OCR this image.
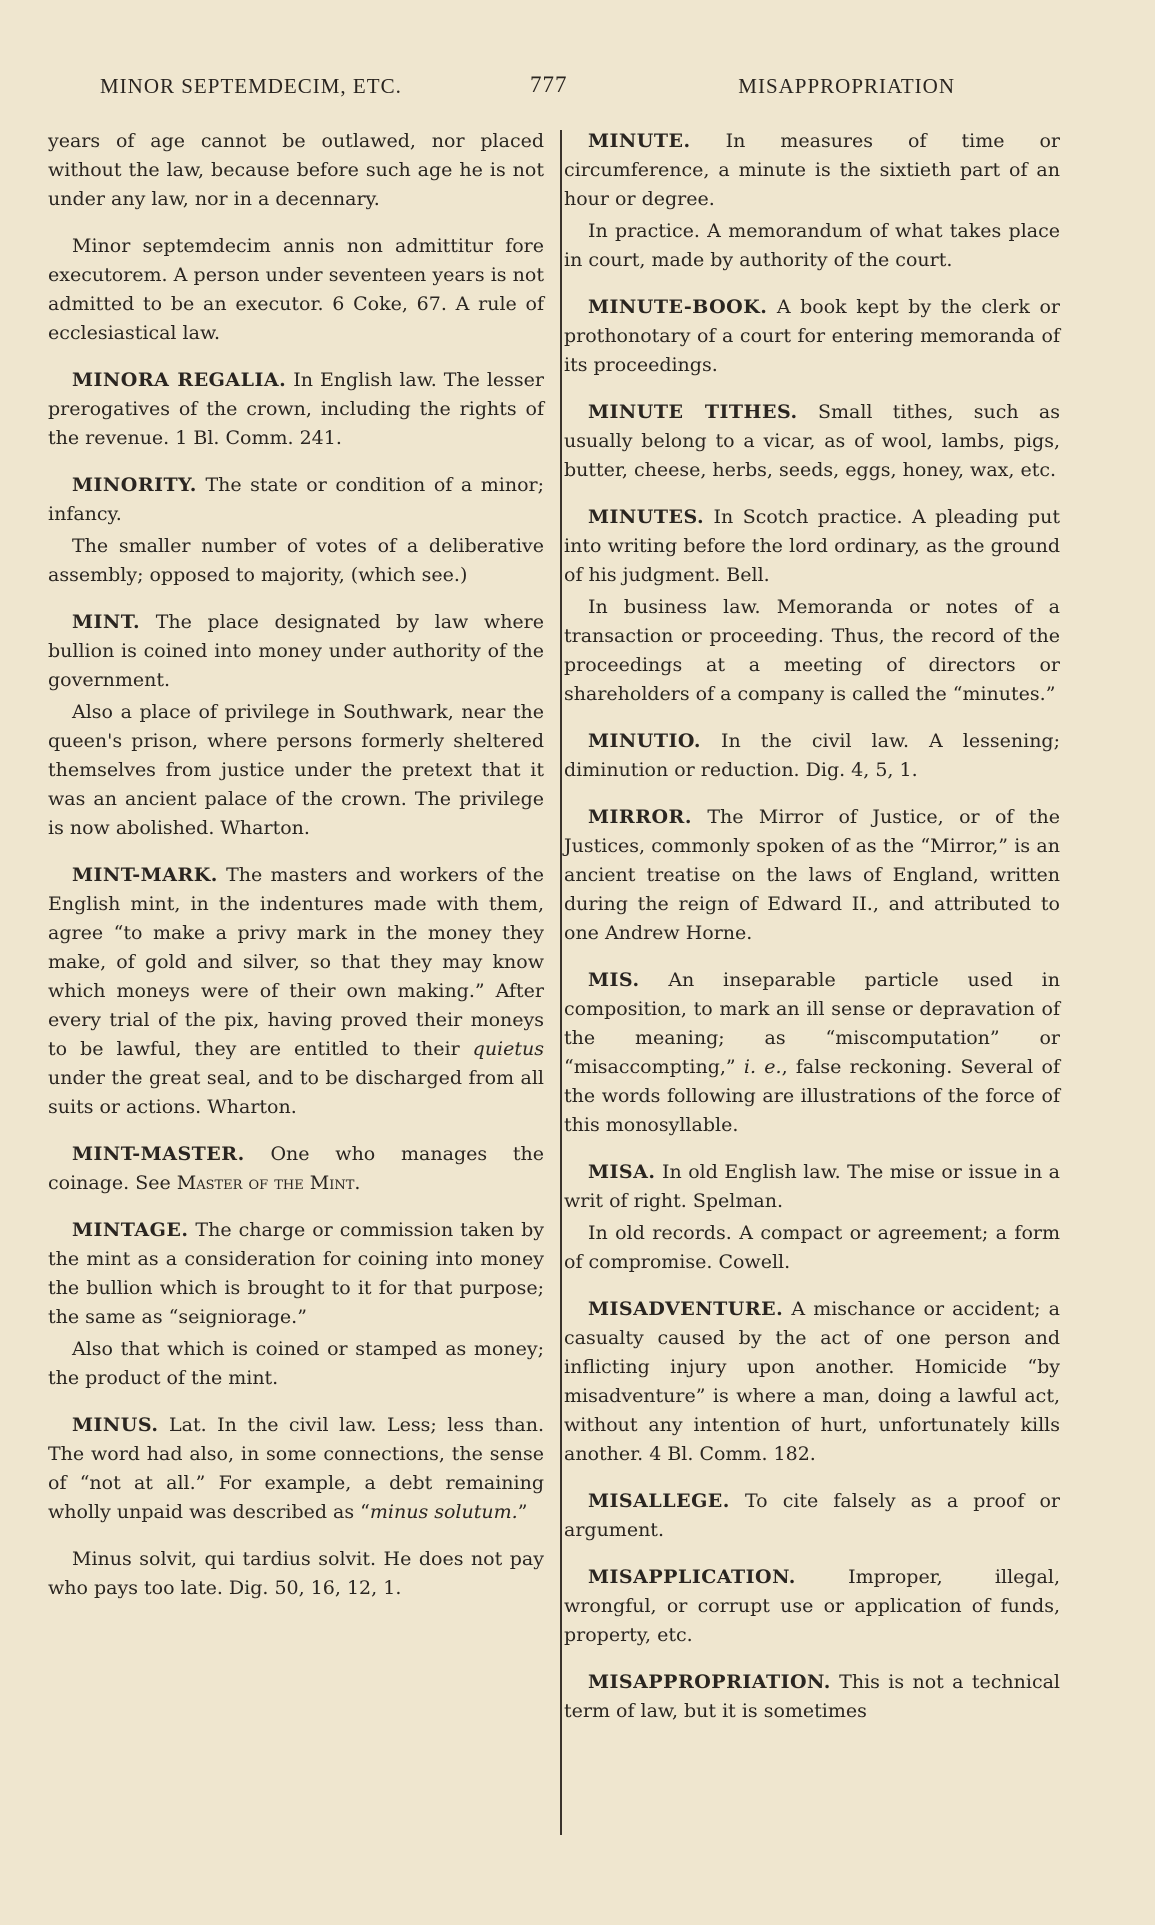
MINOR SEPTEMDECIM, ETC.	777	MISAPPROPRIATION

years of age cannot be outlawed, nor placed without the law, because before such age he is not under any law, nor in a decennary.

Minor septemdecim annis non admittitur fore executorem. A person under seventeen years is not admitted to be an executor. 6 Coke, 67. A rule of ecclesiastical law.

MINORA REGALIA. In English law. The lesser prerogatives of the crown, including the rights of the revenue. 1 Bl. Comm. 241.

MINORITY. The state or condition of a minor; infancy.

The smaller number of votes of a deliberative assembly; opposed to majority, (which see.)

MINT. The place designated by law where bullion is coined into money under authority of the government.

Also a place of privilege in Southwark, near the queen's prison, where persons formerly sheltered themselves from justice under the pretext that it was an ancient palace of the crown. The privilege is now abolished. Wharton.

MINT-MARK. The masters and workers of the English mint, in the indentures made with them, agree “to make a privy mark in the money they make, of gold and silver, so that they may know which moneys were of their own making.” After every trial of the pix, having proved their moneys to be lawful, they are entitled to their quietus under the great seal, and to be discharged from all suits or actions. Wharton.

MINT-MASTER. One who manages the coinage. See Master of the Mint.

MINTAGE. The charge or commission taken by the mint as a consideration for coining into money the bullion which is brought to it for that purpose; the same as “seigniorage.”

Also that which is coined or stamped as money; the product of the mint.

MINUS. Lat. In the civil law. Less; less than. The word had also, in some connections, the sense of “not at all.” For example, a debt remaining wholly unpaid was described as “minus solutum.”

Minus solvit, qui tardius solvit. He does not pay who pays too late. Dig. 50, 16, 12, 1.

MINUTE. In measures of time or circumference, a minute is the sixtieth part of an hour or degree.

In practice. A memorandum of what takes place in court, made by authority of the court.

MINUTE-BOOK. A book kept by the clerk or prothonotary of a court for entering memoranda of its proceedings.

MINUTE TITHES. Small tithes, such as usually belong to a vicar, as of wool, lambs, pigs, butter, cheese, herbs, seeds, eggs, honey, wax, etc.

MINUTES. In Scotch practice. A pleading put into writing before the lord ordinary, as the ground of his judgment. Bell.

In business law. Memoranda or notes of a transaction or proceeding. Thus, the record of the proceedings at a meeting of directors or shareholders of a company is called the “minutes.”

MINUTIO. In the civil law. A lessening; diminution or reduction. Dig. 4, 5, 1.

MIRROR. The Mirror of Justice, or of the Justices, commonly spoken of as the “Mirror,” is an ancient treatise on the laws of England, written during the reign of Edward II., and attributed to one Andrew Horne.

MIS. An inseparable particle used in composition, to mark an ill sense or depravation of the meaning; as “miscomputation” or “misaccompting,” i. e., false reckoning. Several of the words following are illustrations of the force of this monosyllable.

MISA. In old English law. The mise or issue in a writ of right. Spelman.

In old records. A compact or agreement; a form of compromise. Cowell.

MISADVENTURE. A mischance or accident; a casualty caused by the act of one person and inflicting injury upon another. Homicide “by misadventure” is where a man, doing a lawful act, without any intention of hurt, unfortunately kills another. 4 Bl. Comm. 182.

MISALLEGE. To cite falsely as a proof or argument.

MISAPPLICATION. Improper, illegal, wrongful, or corrupt use or application of funds, property, etc.

MISAPPROPRIATION. This is not a technical term of law, but it is sometimes
